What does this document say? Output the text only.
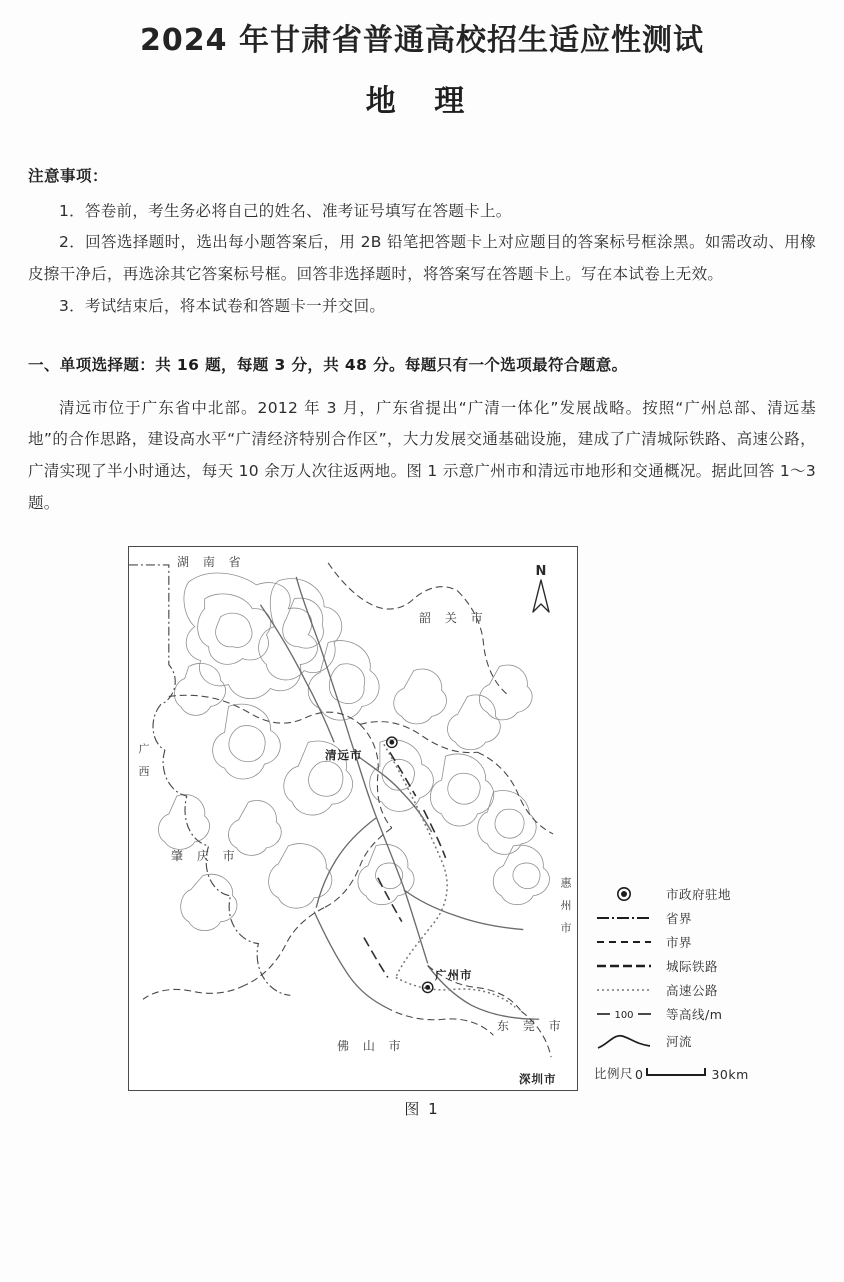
2024 年甘肃省普通高校招生适应性测试
地 理
注意事项：
1．答卷前，考生务必将自己的姓名、准考证号填写在答题卡上。
2．回答选择题时，选出每小题答案后，用 2B 铅笔把答题卡上对应题目的答案标号框涂黑。如需改动、用橡皮擦干净后，再选涂其它答案标号框。回答非选择题时，将答案写在答题卡上。写在本试卷上无效。
3．考试结束后，将本试卷和答题卡一并交回。
一、单项选择题：共 16 题，每题 3 分，共 48 分。每题只有一个选项最符合题意。
清远市位于广东省中北部。2012 年 3 月，广东省提出“广清一体化”发展战略。按照“广州总部、清远基地”的合作思路，建设高水平“广清经济特别合作区”，大力发展交通基础设施，建成了广清城际铁路、高速公路，广清实现了半小时通达，每天 10 余万人次往返两地。图 1 示意广州市和清远市地形和交通概况。据此回答 1～3 题。
湖 南 省
韶 关 市
广 西
肇 庆 市
清远市
广州市
佛 山 市
东 莞 市
深圳市
惠 州 市
N
市政府驻地
省界
市界
城际铁路
高速公路
100	等高线/m
河流
比例尺 0	30km
图 1
